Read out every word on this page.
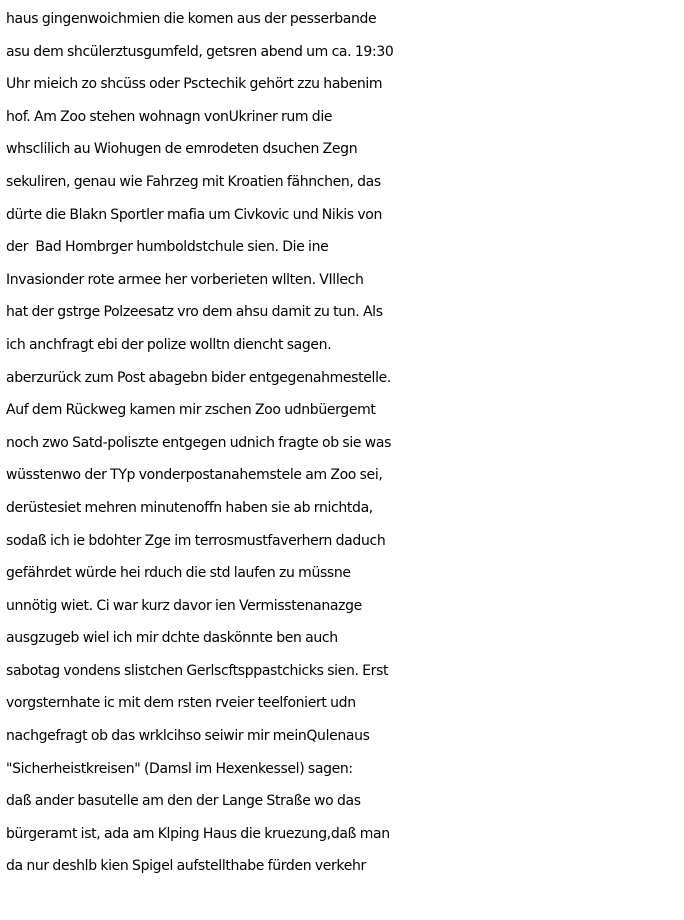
haus gingenwoichmien die komen aus der pesserbande
asu dem shcülerztusgumfeld, getsren abend um ca. 19:30
Uhr mieich zo shcüss oder Psctechik gehört zzu habenim
hof. Am Zoo stehen wohnagn vonUkriner rum die
whsclilich au Wiohugen de emrodeten dsuchen Zegn
sekuliren, genau wie Fahrzeg mit Kroatien fähnchen, das
dürte die Blakn Sportler mafia um Civkovic und Nikis von
der  Bad Hombrger humboldstchule sien. Die ine
Invasionder rote armee her vorberieten wllten. VIllech
hat der gstrge Polzeesatz vro dem ahsu damit zu tun. Als
ich anchfragt ebi der polize wolltn diencht sagen.
aberzurück zum Post abagebn bider entgegenahmestelle.
Auf dem Rückweg kamen mir zschen Zoo udnbüergemt
noch zwo Satd-poliszte entgegen udnich fragte ob sie was
wüsstenwo der TYp vonderpostanahemstele am Zoo sei,
derüstesiet mehren minutenoffn haben sie ab rnichtda,
sodaß ich ie bdohter Zge im terrosmustfaverhern daduch
gefährdet würde hei rduch die std laufen zu müssne
unnötig wiet. Ci war kurz davor ien Vermisstenanazge
ausgzugeb wiel ich mir dchte daskönnte ben auch
sabotag vondens slistchen Gerlscftsppastchicks sien. Erst
vorgsternhate ic mit dem rsten rveier teelfoniert udn
nachgefragt ob das wrklcihso seiwir mir meinQulenaus
"Sicherheistkreisen" (Damsl im Hexenkessel) sagen:
daß ander basutelle am den der Lange Straße wo das
bürgeramt ist, ada am Klping Haus die kruezung,daß man
da nur deshlb kien Spigel aufstellthabe fürden verkehr
